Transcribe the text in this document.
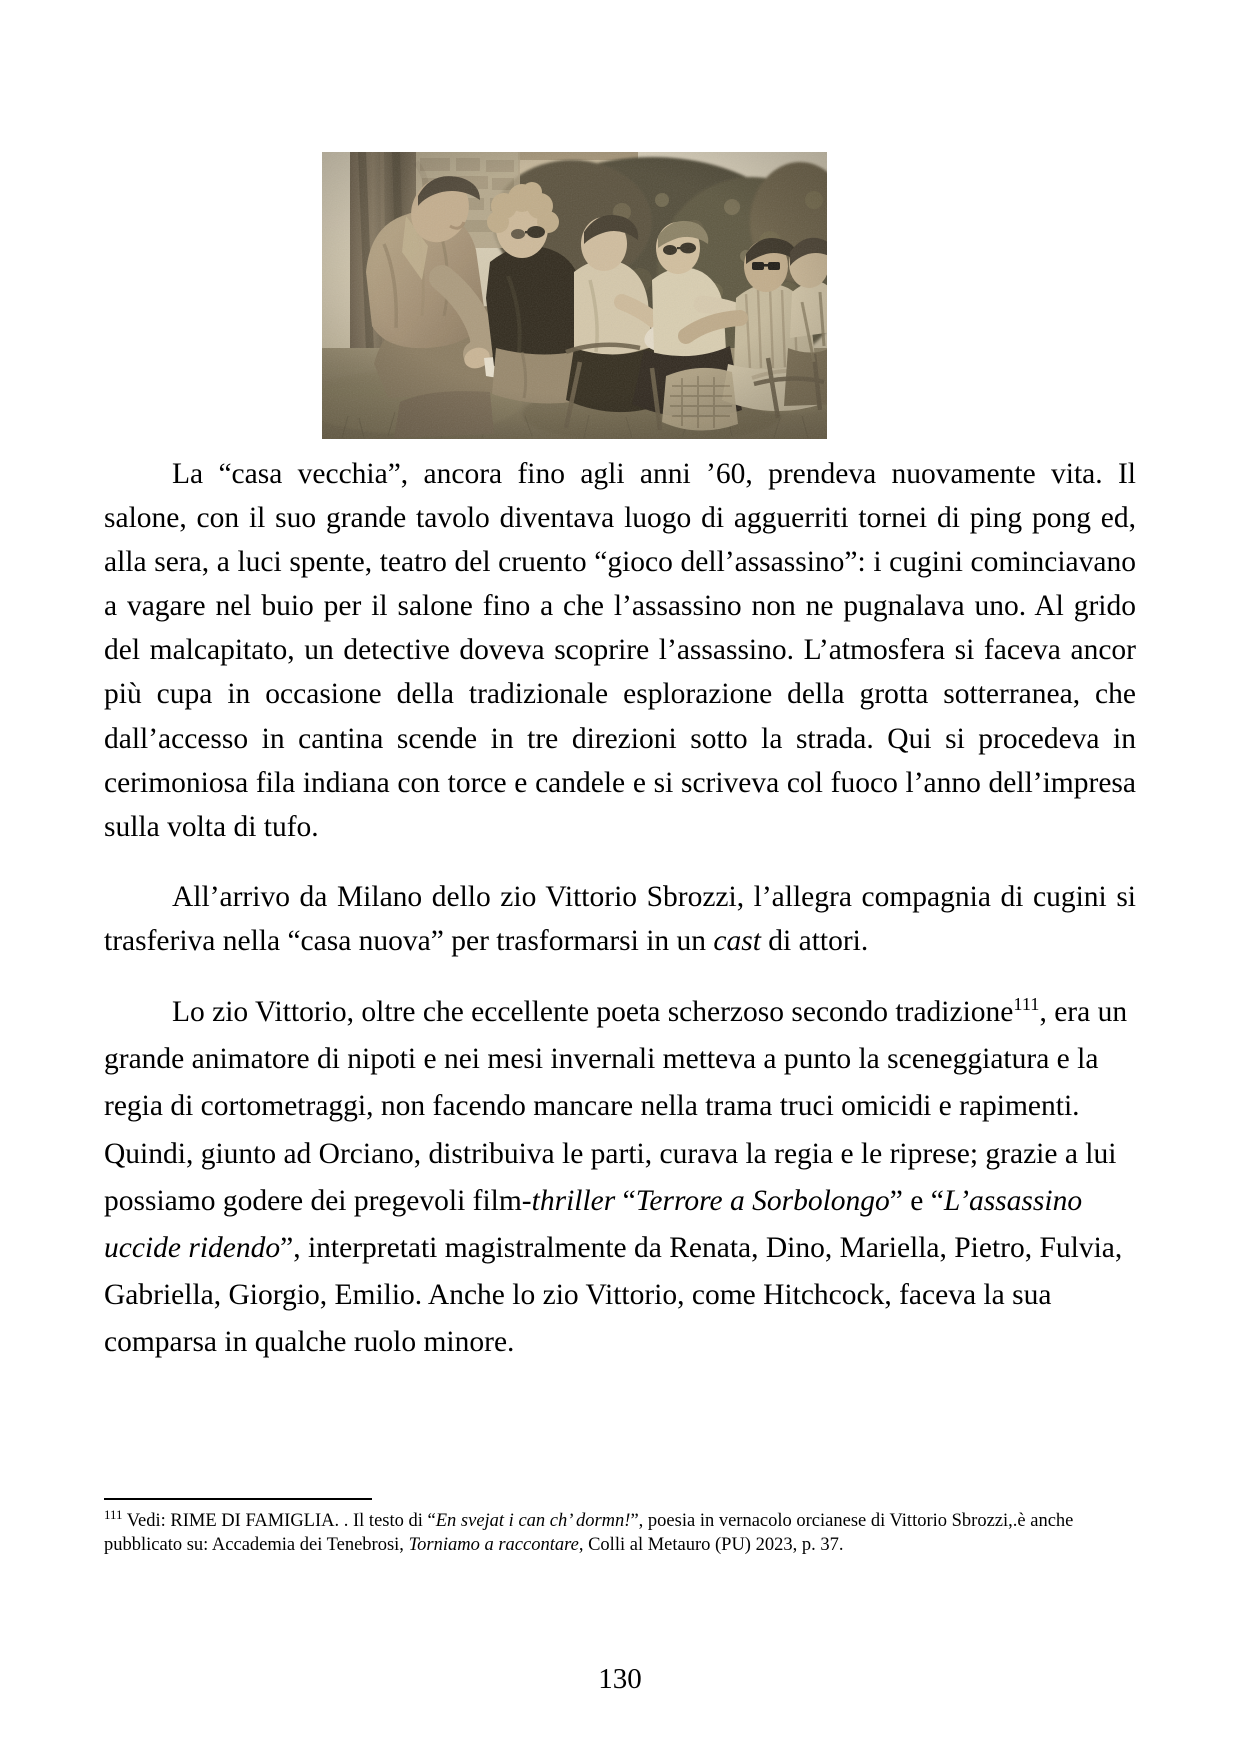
La “casa vecchia”, ancora fino agli anni ’60, prendeva nuovamente vita. Il salone, con il suo grande tavolo diventava luogo di agguerriti tornei di ping pong ed, alla sera, a luci spente, teatro del cruento “gioco dell’assassino”: i cugini cominciavano a vagare nel buio per il salone fino a che l’assassino non ne pugnalava uno. Al grido del malcapitato, un detective doveva scoprire l’assassino. L’atmosfera si faceva ancor più cupa in occasione della tradizionale esplorazione della grotta sotterranea, che dall’accesso in cantina scende in tre direzioni sotto la strada. Qui si procedeva in cerimoniosa fila indiana con torce e candele e si scriveva col fuoco l’anno dell’impresa sulla volta di tufo.

All’arrivo da Milano dello zio Vittorio Sbrozzi, l’allegra compagnia di cugini si trasferiva nella “casa nuova” per trasformarsi in un cast di attori.

Lo zio Vittorio, oltre che eccellente poeta scherzoso secondo tradizione$^{111}$, era un grande animatore di nipoti e nei mesi invernali metteva a punto la sceneggiatura e la regia di cortometraggi, non facendo mancare nella trama truci omicidi e rapimenti. Quindi, giunto ad Orciano, distribuiva le parti, curava la regia e le riprese; grazie a lui possiamo godere dei pregevoli film-thriller “Terrore a Sorbolongo” e “L’assassino uccide ridendo”, interpretati magistralmente da Renata, Dino, Mariella, Pietro, Fulvia, Gabriella, Giorgio, Emilio. Anche lo zio Vittorio, come Hitchcock, faceva la sua comparsa in qualche ruolo minore.

$^{111}$ Vedi: RIME DI FAMIGLIA. . Il testo di “En svejat i can ch’ dormn!”, poesia in vernacolo orcianese di Vittorio Sbrozzi,.è anche pubblicato su: Accademia dei Tenebrosi, Torniamo a raccontare, Colli al Metauro (PU) 2023, p. 37.

130
